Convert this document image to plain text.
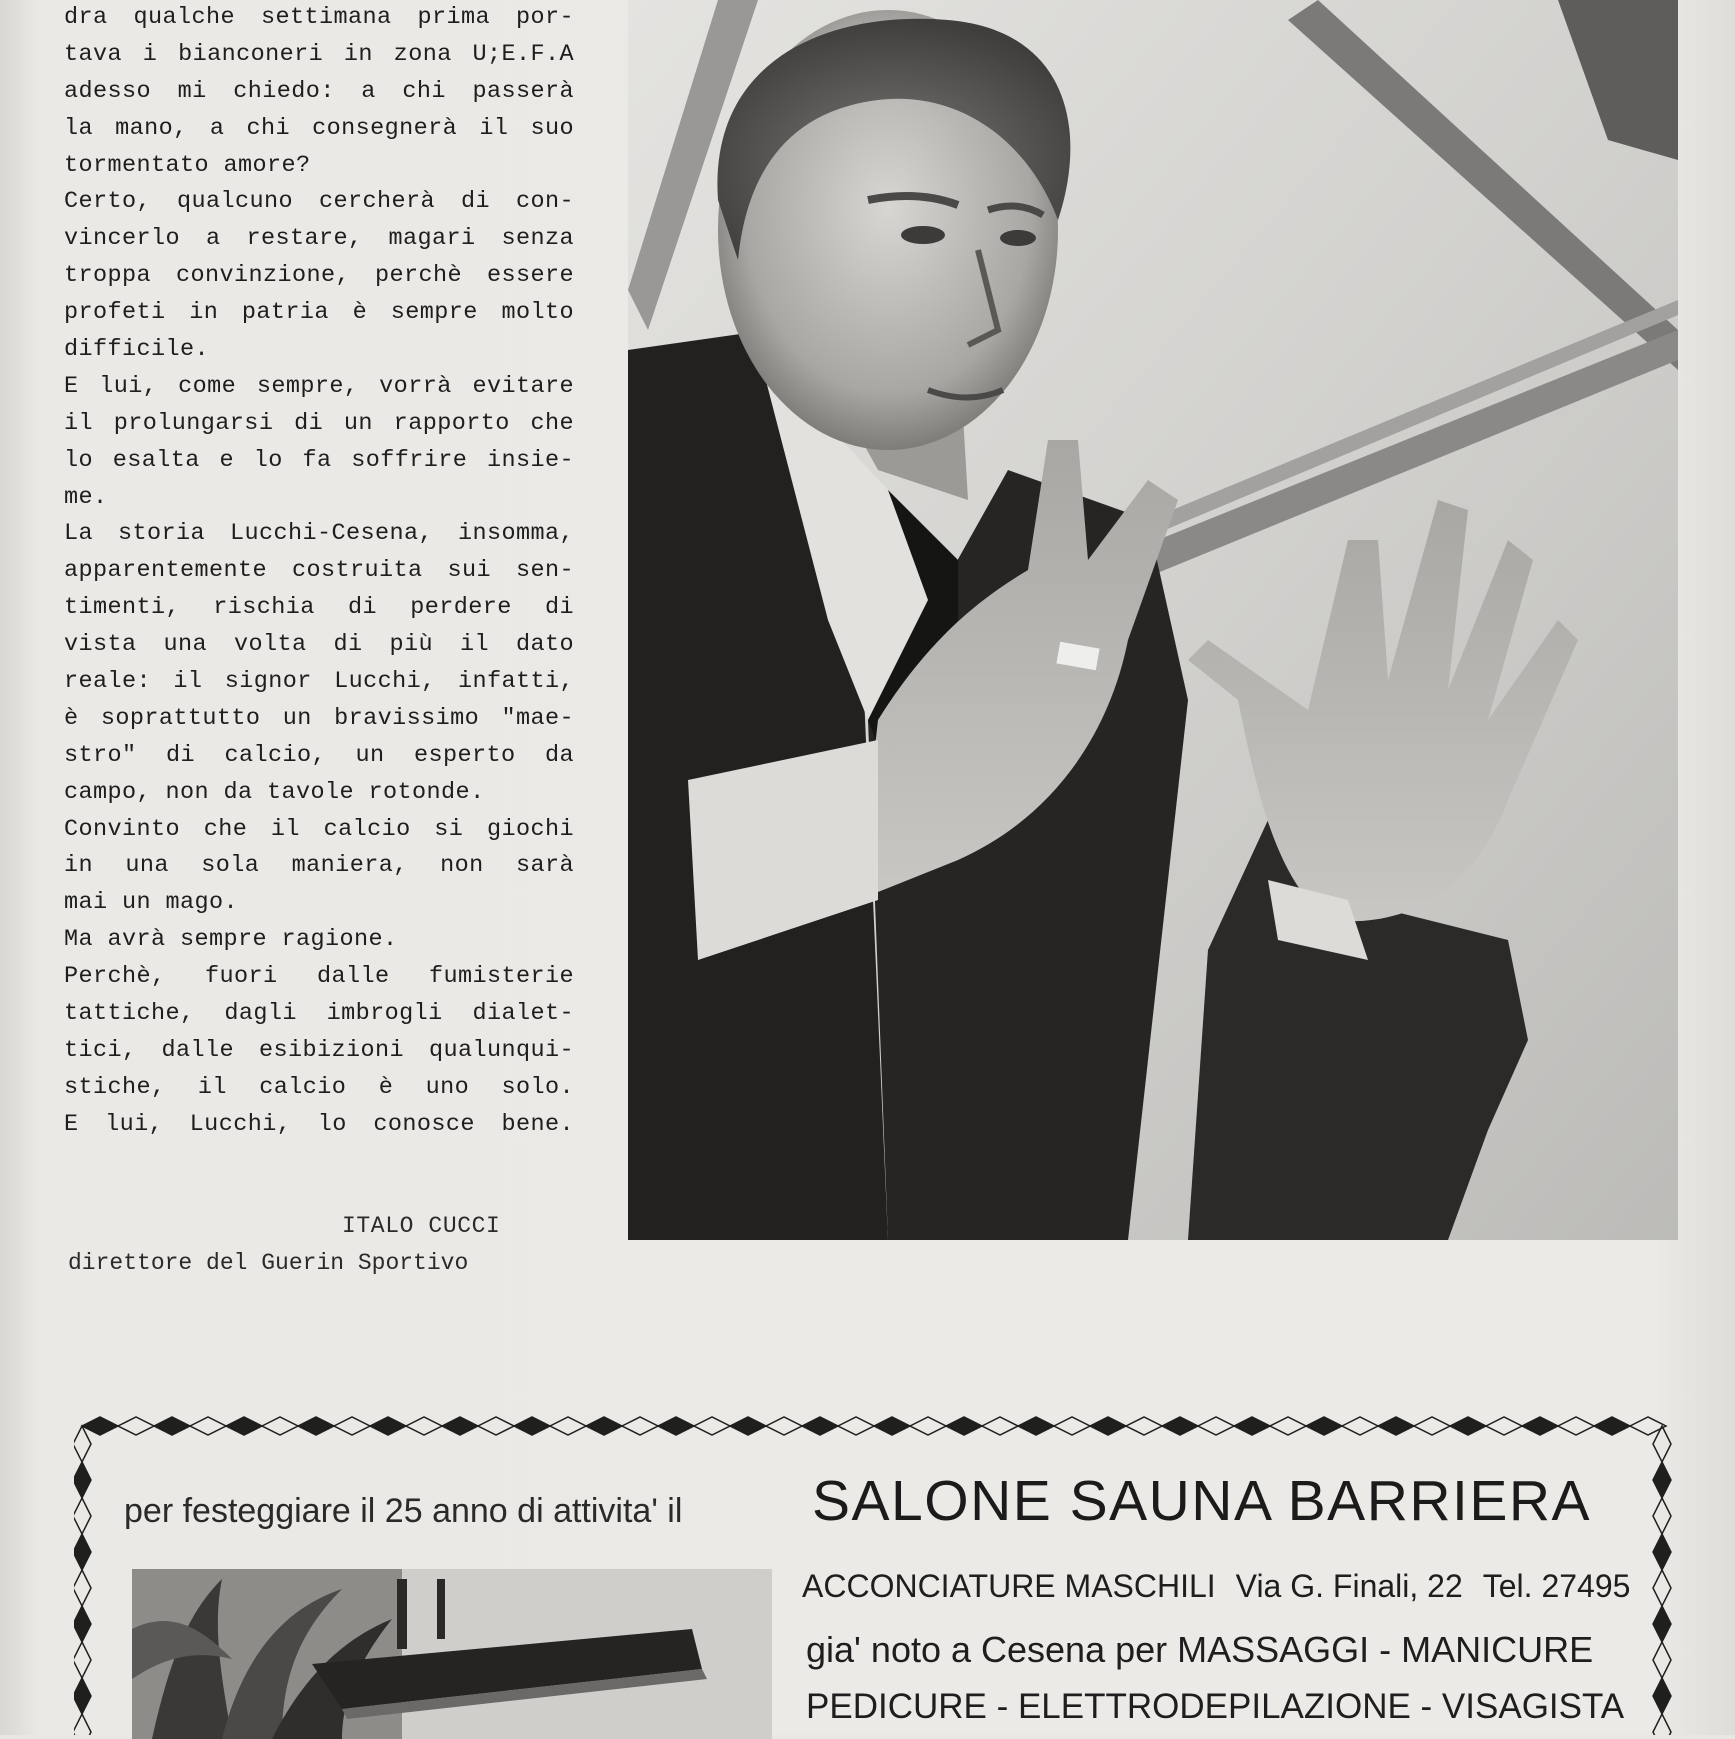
dra qualche settimana prima por-
tava i bianconeri in zona U;E.F.A
adesso mi chiedo: a chi passerà
la mano, a chi consegnerà il suo
tormentato amore?
Certo, qualcuno cercherà di con-
vincerlo a restare, magari senza
troppa convinzione, perchè essere
profeti in patria è sempre molto
difficile.
E lui, come sempre, vorrà evitare
il prolungarsi di un rapporto che
lo esalta e lo fa soffrire insie-
me.
La storia Lucchi-Cesena, insomma,
apparentemente costruita sui sen-
timenti, rischia di perdere di
vista una volta di più il dato
reale: il signor Lucchi, infatti,
è soprattutto un bravissimo "mae-
stro" di calcio, un esperto da
campo, non da tavole rotonde.
Convinto che il calcio si giochi
in una sola maniera, non sarà
mai un mago.
Ma avrà sempre ragione.
Perchè, fuori dalle fumisterie
tattiche, dagli imbrogli dialet-
tici, dalle esibizioni qualunqui-
stiche, il calcio è uno solo.
E lui, Lucchi, lo conosce bene.
ITALO CUCCI
direttore del Guerin Sportivo
per festeggiare il 25 anno di attivita' il SALONE SAUNA BARRIERA
ACCONCIATURE MASCHILI Via G. Finali, 22 Tel. 27495
gia' noto a Cesena per MASSAGGI - MANICURE
PEDICURE - ELETTRODEPILAZIONE - VISAGISTA
